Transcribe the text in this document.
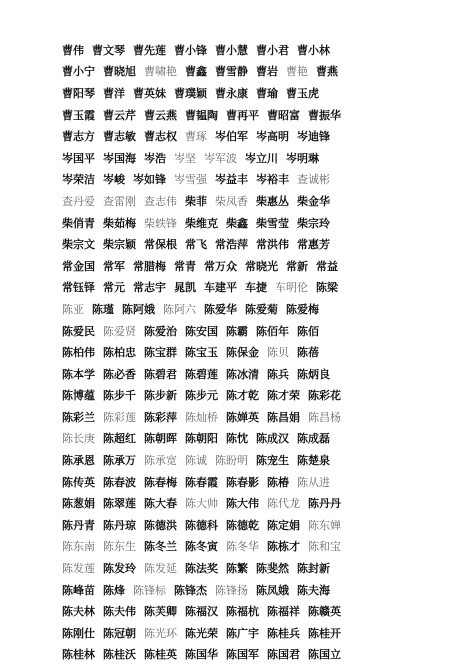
曹伟 曹文琴 曹先莲 曹小锋 曹小慧 曹小君 曹小林
曹小宁 曹晓旭 曹啸艳 曹鑫 曹雪静 曹岩 曹艳 曹燕
曹阳琴 曹洋 曹英妹 曹璞颖 曹永康 曹瑜 曹玉虎
曹玉霞 曹云芹 曹云燕 曹韫陶 曹再平 曹昭富 曹振华
曹志方 曹志敏 曹志权 曹琢 岑伯军 岑高明 岑迪锋
岑国平 岑国海 岑浩 岑坚 岑军波 岑立川 岑明琳
岑荣洁 岑峻 岑如锋 岑雪强 岑益丰 岑裕丰 查诚彬
查丹爱 查雷刚 查志伟 柴菲 柴凤香 柴惠丛 柴金华
柴俏青 柴茹梅 柴轶锋 柴维克 柴鑫 柴雪莹 柴宗玲
柴宗文 柴宗颖 常保根 常飞 常浩萍 常洪伟 常惠芳
常金国 常军 常腊梅 常青 常万众 常晓光 常新 常益
常钰铎 常元 常志宇 晁凯 车建平 车捷 车明伦 陈梁
陈亚 陈瑾 陈阿娥 陈阿六 陈爱华 陈爱菊 陈爱梅
陈爱民 陈爱贤 陈爱治 陈安国 陈霸 陈佰年 陈佰
陈柏伟 陈柏忠 陈宝群 陈宝玉 陈保金 陈贝 陈蓓
陈本学 陈必香 陈碧君 陈碧莲 陈冰清 陈兵 陈炳良
陈博蕴 陈步千 陈步新 陈步元 陈才乾 陈才荣 陈彩花
陈彩兰 陈彩莲 陈彩萍 陈灿桥 陈婵英 陈昌娟 陈昌杨
陈长庚 陈超红 陈朝晖 陈朝阳 陈忱 陈成汉 陈成磊
陈承恩 陈承万 陈承宽 陈诚 陈盼明 陈宠生 陈楚泉
陈传英 陈春波 陈春梅 陈春霞 陈春影 陈椿 陈从进
陈葱娟 陈翠莲 陈大春 陈大帅 陈大伟 陈代龙 陈丹丹
陈丹青 陈丹琼 陈德洪 陈德科 陈德乾 陈定娟 陈东婵
陈东南 陈东生 陈冬兰 陈冬寅 陈冬华 陈栋才 陈和宝
陈发莲 陈发玲 陈发延 陈法奖 陈繁 陈斐然 陈封新
陈峰苗 陈烽 陈锋标 陈锋杰 陈锋扬 陈凤娥 陈夫海
陈夫林 陈夫伟 陈芙卿 陈福汉 陈福杭 陈福祥 陈赣英
陈刚仕 陈冠朝 陈光环 陈光荣 陈广宇 陈桂兵 陈桂开
陈桂林 陈桂沃 陈桂英 陈国华 陈国军 陈国君 陈国立
